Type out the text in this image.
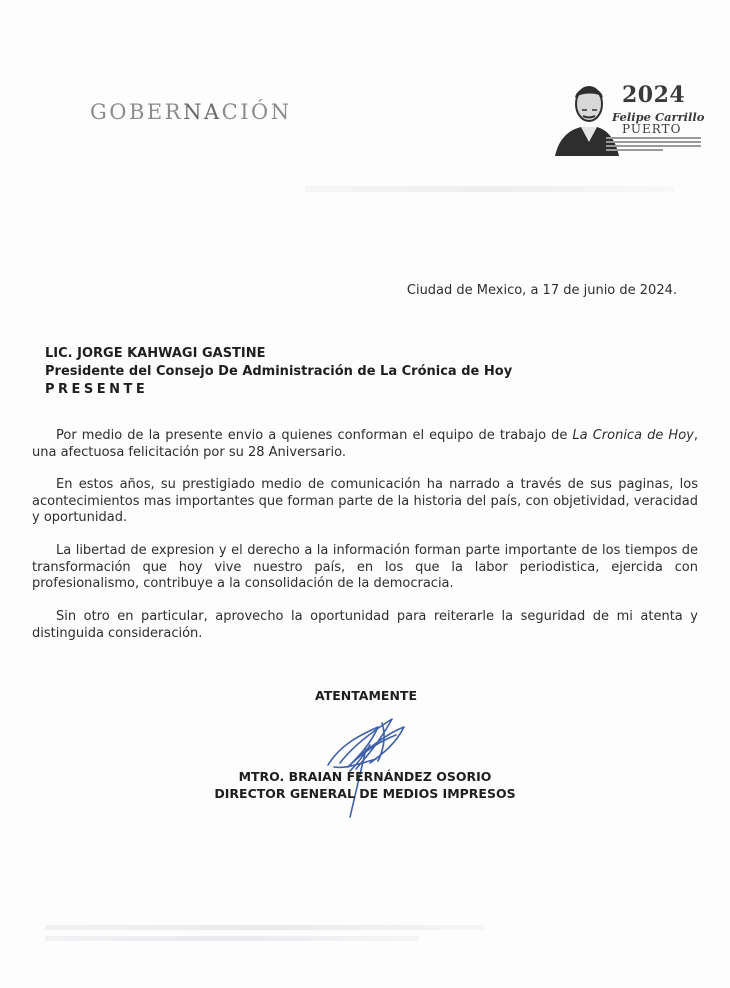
GOBERNACIÓN
2024
Felipe Carrillo
PUERTO
Ciudad de Mexico, a 17 de junio de 2024.
LIC. JORGE KAHWAGI GASTINE
Presidente del Consejo De Administración de La Crónica de Hoy
PRESENTE

Por medio de la presente envio a quienes conforman el equipo de trabajo de La Cronica de Hoy, una afectuosa felicitación por su 28 Aniversario.

En estos años, su prestigiado medio de comunicación ha narrado a través de sus paginas, los acontecimientos mas importantes que forman parte de la historia del país, con objetividad, veracidad y oportunidad.

La libertad de expresion y el derecho a la información forman parte importante de los tiempos de transformación que hoy vive nuestro país, en los que la labor periodistica, ejercida con profesionalismo, contribuye a la consolidación de la democracia.

Sin otro en particular, aprovecho la oportunidad para reiterarle la seguridad de mi atenta y distinguida consideración.

ATENTAMENTE
MTRO. BRAIAN FERNÁNDEZ OSORIO
DIRECTOR GENERAL DE MEDIOS IMPRESOS
